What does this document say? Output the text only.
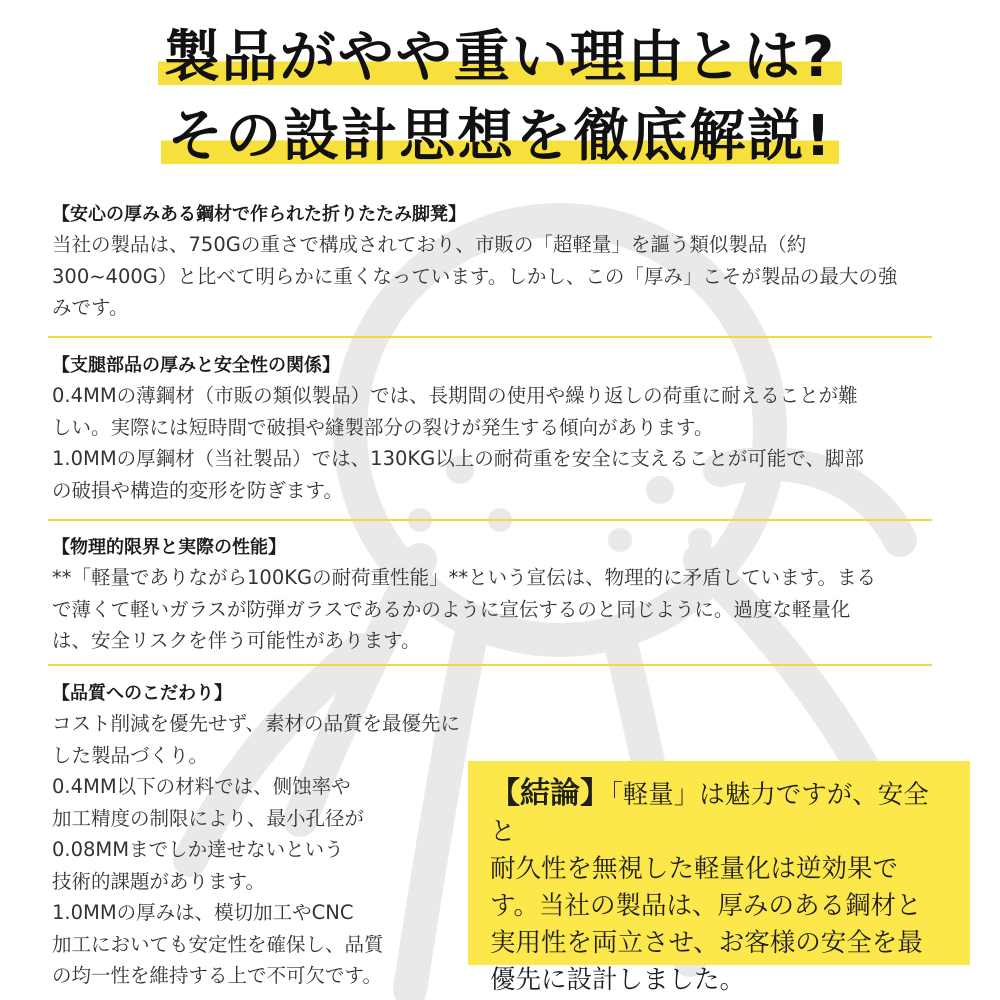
製品がやや重い理由とは?
その設計思想を徹底解説!
【安心の厚みある鋼材で作られた折りたたみ脚凳】
当社の製品は、750Gの重さで構成されており、市販の「超軽量」を謳う類似製品（約
300~400G）と比べて明らかに重くなっています。しかし、この「厚み」こそが製品の最大の強
みです。
【支腿部品の厚みと安全性の関係】
0.4MMの薄鋼材（市販の類似製品）では、長期間の使用や繰り返しの荷重に耐えることが難
しい。実際には短時間で破損や縫製部分の裂けが発生する傾向があります。
1.0MMの厚鋼材（当社製品）では、130KG以上の耐荷重を安全に支えることが可能で、脚部
の破損や構造的変形を防ぎます。
【物理的限界と実際の性能】
**「軽量でありながら100KGの耐荷重性能」**という宣伝は、物理的に矛盾しています。まる
で薄くて軽いガラスが防弾ガラスであるかのように宣伝するのと同じように。過度な軽量化
は、安全リスクを伴う可能性があります。
【品質へのこだわり】
コスト削減を優先せず、素材の品質を最優先にした製品づくり。
0.4MM以下の材料では、侧蚀率や
加工精度の制限により、最小孔径が
0.08MMまでしか達せないという
技術的課題があります。
1.0MMの厚みは、模切加工やCNC
加工においても安定性を確保し、品質
の均一性を維持する上で不可欠です。
【結論】「軽量」は魅力ですが、安全と
耐久性を無視した軽量化は逆効果で
す。当社の製品は、厚みのある鋼材と
実用性を両立させ、お客様の安全を最
優先に設計しました。
